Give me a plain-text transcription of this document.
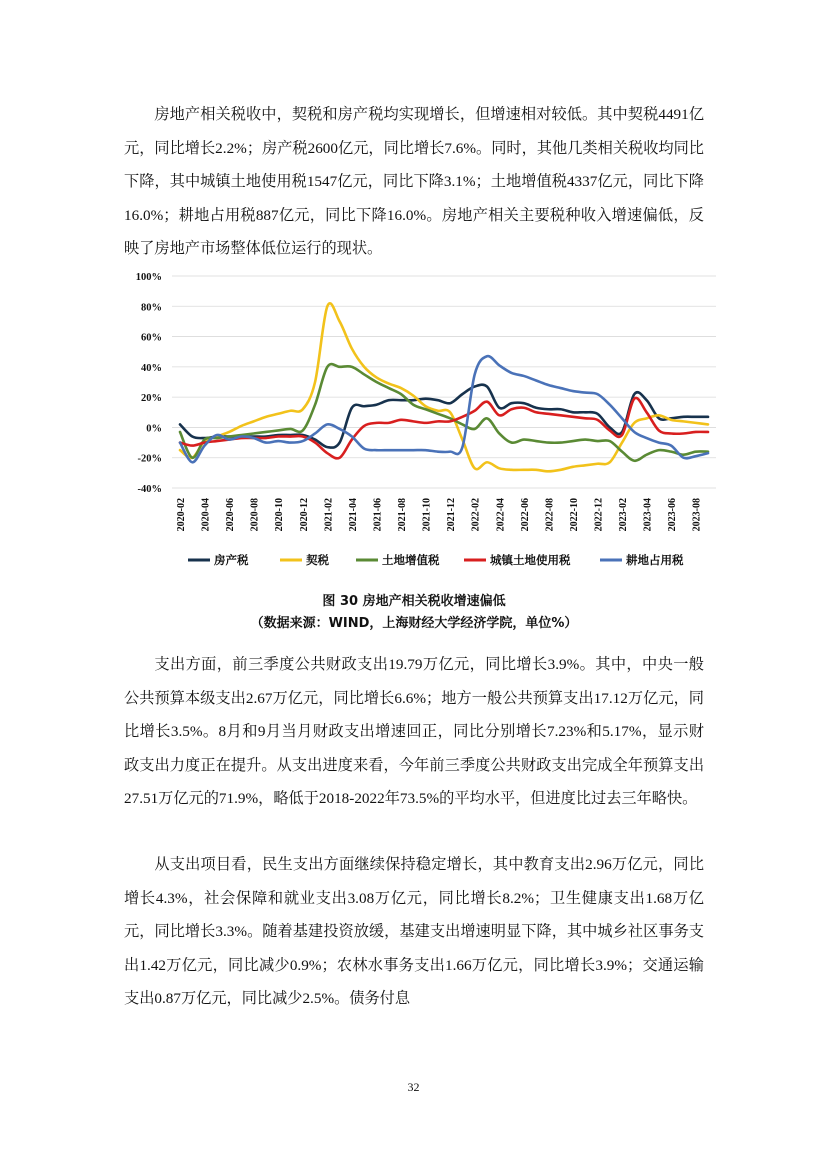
房地产相关税收中，契税和房产税均实现增长，但增速相对较低。其中契税4491亿元，同比增长2.2%；房产税2600亿元，同比增长7.6%。同时，其他几类相关税收均同比下降，其中城镇土地使用税1547亿元，同比下降3.1%；土地增值税4337亿元，同比下降16.0%；耕地占用税887亿元，同比下降16.0%。房地产相关主要税种收入增速偏低，反映了房地产市场整体低位运行的现状。

100%
80%
60%
40%
20%
0%
-20%
-40%
2020-02 2020-04 2020-06 2020-08 2020-10 2020-12 2021-02 2021-04 2021-06 2021-08 2021-10 2021-12 2022-02 2022-04 2022-06 2022-08 2022-10 2022-12 2023-02 2023-04 2023-06 2023-08
房产税	契税	土地增值税	城镇土地使用税	耕地占用税
图 30 房地产相关税收增速偏低
（数据来源：WIND，上海财经大学经济学院，单位%）

支出方面，前三季度公共财政支出19.79万亿元，同比增长3.9%。其中，中央一般公共预算本级支出2.67万亿元，同比增长6.6%；地方一般公共预算支出17.12万亿元，同比增长3.5%。8月和9月当月财政支出增速回正，同比分别增长7.23%和5.17%，显示财政支出力度正在提升。从支出进度来看，今年前三季度公共财政支出完成全年预算支出27.51万亿元的71.9%，略低于2018-2022年73.5%的平均水平，但进度比过去三年略快。

从支出项目看，民生支出方面继续保持稳定增长，其中教育支出2.96万亿元，同比增长4.3%，社会保障和就业支出3.08万亿元，同比增长8.2%；卫生健康支出1.68万亿元，同比增长3.3%。随着基建投资放缓，基建支出增速明显下降，其中城乡社区事务支出1.42万亿元，同比减少0.9%；农林水事务支出1.66万亿元，同比增长3.9%；交通运输支出0.87万亿元，同比减少2.5%。债务付息

32
